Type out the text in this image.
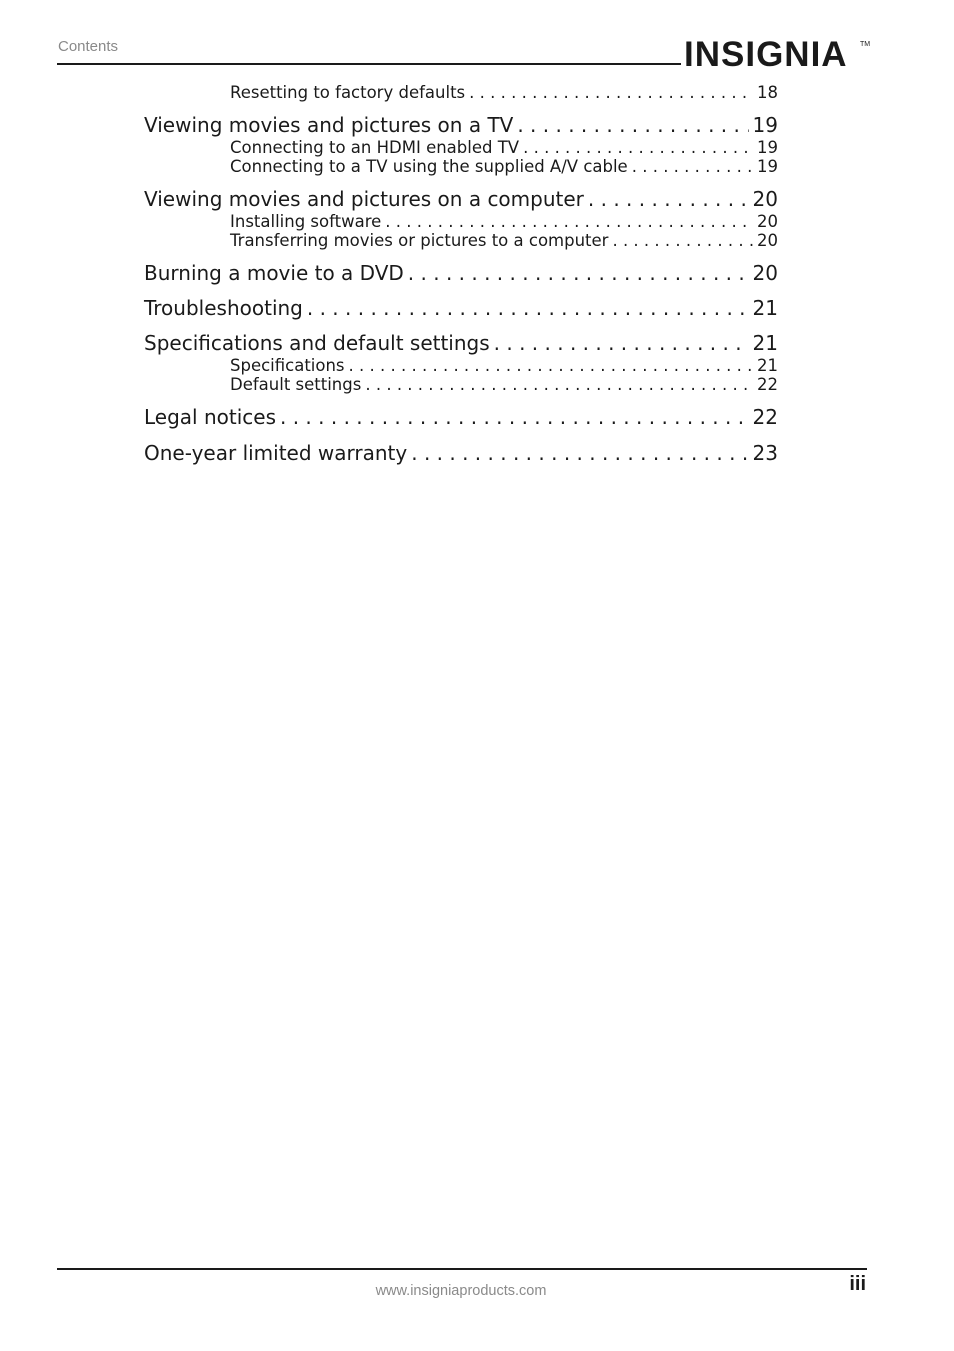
Contents	INSIGNIA TM
Resetting to factory defaults . . .	18
Viewing movies and pictures on a TV . . .	19
Connecting to an HDMI enabled TV . . .	19
Connecting to a TV using the supplied A/V cable . . .	19
Viewing movies and pictures on a computer . . .	20
Installing software . . .	20
Transferring movies or pictures to a computer . . .	20
Burning a movie to a DVD . . .	20
Troubleshooting . . .	21
Specifications and default settings . . .	21
Specifications . . .	21
Default settings . . .	22
Legal notices . . .	22
One-year limited warranty . . .	23
www.insigniaproducts.com	iii
